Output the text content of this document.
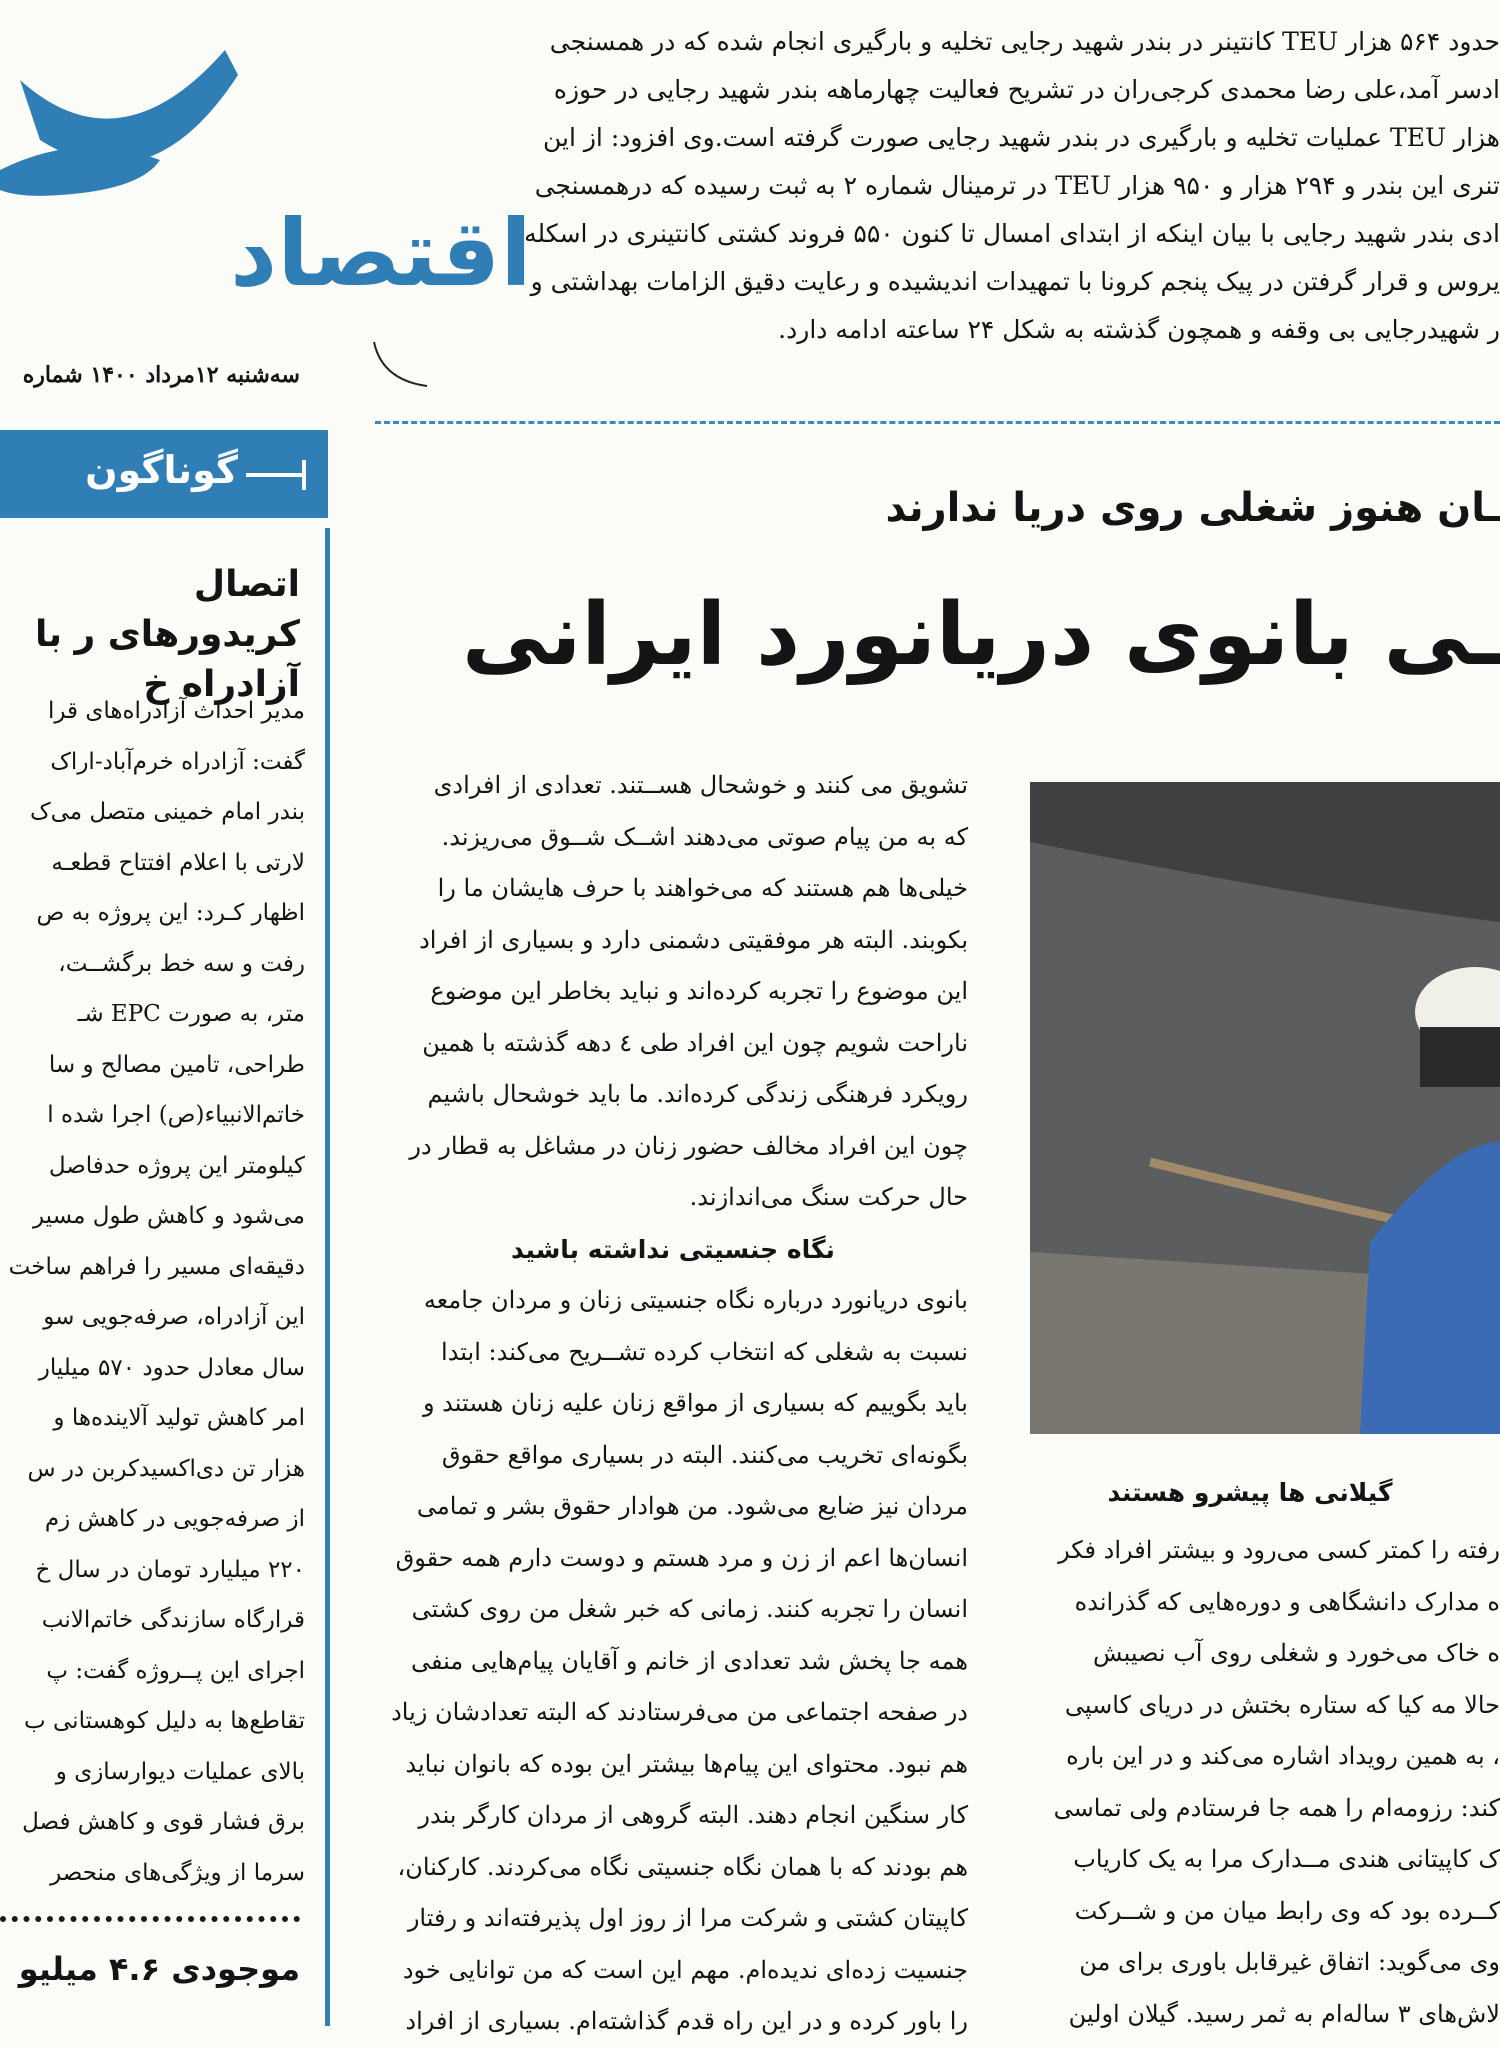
حدود ۵۶۴ هزار TEU کانتینر در بندر شهید رجایی تخلیه و بارگیری انجام شده که در همسنجی

ادسر آمد،علی رضا محمدی کرجی‌ران در تشریح فعالیت چهارماهه بندر شهید رجایی در حوزه

هزار TEU عملیات تخلیه و بارگیری در بندر شهید رجایی صورت گرفته است.وی افزود: از این

تنری این بندر و ۲۹۴ هزار و ۹۵۰ هزار TEU در ترمینال شماره ۲ به ثبت رسیده که درهمسنجی

ادی بندر شهید رجایی با بیان اینکه از ابتدای امسال تا کنون ۵۵۰ فروند کشتی کانتینری در اسکله

یروس و قرار گرفتن در پیک پنجم کرونا با تمهیدات اندیشیده و رعایت دقیق الزامات بهداشتی و

ر شهیدرجایی بی وقفه و همچون گذشته به شکل ۲۴ ساعته ادامه دارد.

اقتصاد
سه‌شنبه ۱۲مرداد ۱۴۰۰ شماره
گوناگون
اتصال کریدورهای ر با آزادراه خ

مدیر احداث آزادراه‌های قرا

گفت: آزادراه خرم‌آباد-اراک

بندر امام خمینی متصل می‌ک

لارتی با اعلام افتتاح قطعـه

اظهار کـرد: این پروژه به ص

رفت و سه خط برگشــت،

متر، به صورت EPC شـ

طراحی، تامین مصالح و سا

خاتم‌الانبیاء(ص) اجرا شده ا

کیلومتر این پروژه حدفاصل

می‌شود و کاهش طول مسیر

دقیقه‌ای مسیر را فراهم ساخت

این آزادراه، صرفه‌جویی سو

سال معادل حدود ۵۷۰ میلیار

امر کاهش تولید آلاینده‌ها و

هزار تن دی‌اکسیدکربن در س

از صرفه‌جویی در کاهش زم

۲۲۰ میلیارد تومان در سال خ

قرارگاه سازندگی خاتم‌الانب

اجرای این پــروژه گفت: پ

تقاطع‌ها به دلیل کوهستانی ب

بالای عملیات دیوارسازی و

برق فشار قوی و کاهش فصل

سرما از ویژگی‌های منحصر

موجودی ۴.۶ میلیو
ـان هنوز شغلی روی دریا ندارند
ـی بانوی دریانورد ایرانی

تشویق می کنند و خوشحال هســتند. تعدادی از افرادی

که به من پیام صوتی می‌دهند اشــک شــوق می‌ریزند.

خیلی‌ها هم هستند که می‌خواهند با حرف هایشان ما را

بکوبند. البته هر موفقیتی دشمنی دارد و بسیاری از افراد

این موضوع را تجربه کرده‌اند و نباید بخاطر این موضوع

ناراحت شویم چون این افراد طی ٤ دهه گذشته با همین

رویکرد فرهنگی زندگی کرده‌اند. ما باید خوشحال باشیم

چون این افراد مخالف حضور زنان در مشاغل به قطار در

حال حرکت سنگ می‌اندازند.

نگاه جنسیتی نداشته باشید

بانوی دریانورد درباره نگاه جنسیتی زنان و مردان جامعه

نسبت به شغلی که انتخاب کرده تشــریح می‌کند: ابتدا

باید بگوییم که بسیاری از مواقع زنان علیه زنان هستند و

بگونه‌ای تخریب می‌کنند. البته در بسیاری مواقع حقوق

مردان نیز ضایع می‌شود. من هوادار حقوق بشر و تمامی

انسان‌ها اعم از زن و مرد هستم و دوست دارم همه حقوق

انسان را تجربه کنند. زمانی که خبر شغل من روی کشتی

همه جا پخش شد تعدادی از خانم و آقایان پیام‌هایی منفی

در صفحه اجتماعی من می‌فرستادند که البته تعدادشان زیاد

هم نبود. محتوای این پیام‌ها بیشتر این بوده که بانوان نباید

کار سنگین انجام دهند. البته گروهی از مردان کارگر بندر

هم بودند که با همان نگاه جنسیتی نگاه می‌کردند. کارکنان،

کاپیتان کشتی و شرکت مرا از روز اول پذیرفته‌اند و رفتار

جنسیت زده‌ای ندیده‌ام. مهم این است که من توانایی خود

را باور کرده و در این راه قدم گذاشته‌ام. بسیاری از افراد

گیلانی ها پیشرو هستند

رفته را کمتر کسی می‌رود و بیشتر افراد فکر

ه مدارک دانشگاهی و دوره‌هایی که گذرانده

ه خاک می‌خورد و شغلی روی آب نصیبش

حالا مه کیا که ستاره بختش در دریای کاسپی

، به همین رویداد اشاره می‌کند و در این باره

کند: رزومه‌ام را همه جا فرستادم ولی تماسی

ک کاپیتانی هندی مــدارک مرا به یک کاریاب

کــرده بود که وی رابط میان من و شــرکت

وی می‌گوید: اتفاق غیرقابل باوری برای من

لاش‌های ۳ ساله‌ام به ثمر رسید. گیلان اولین
